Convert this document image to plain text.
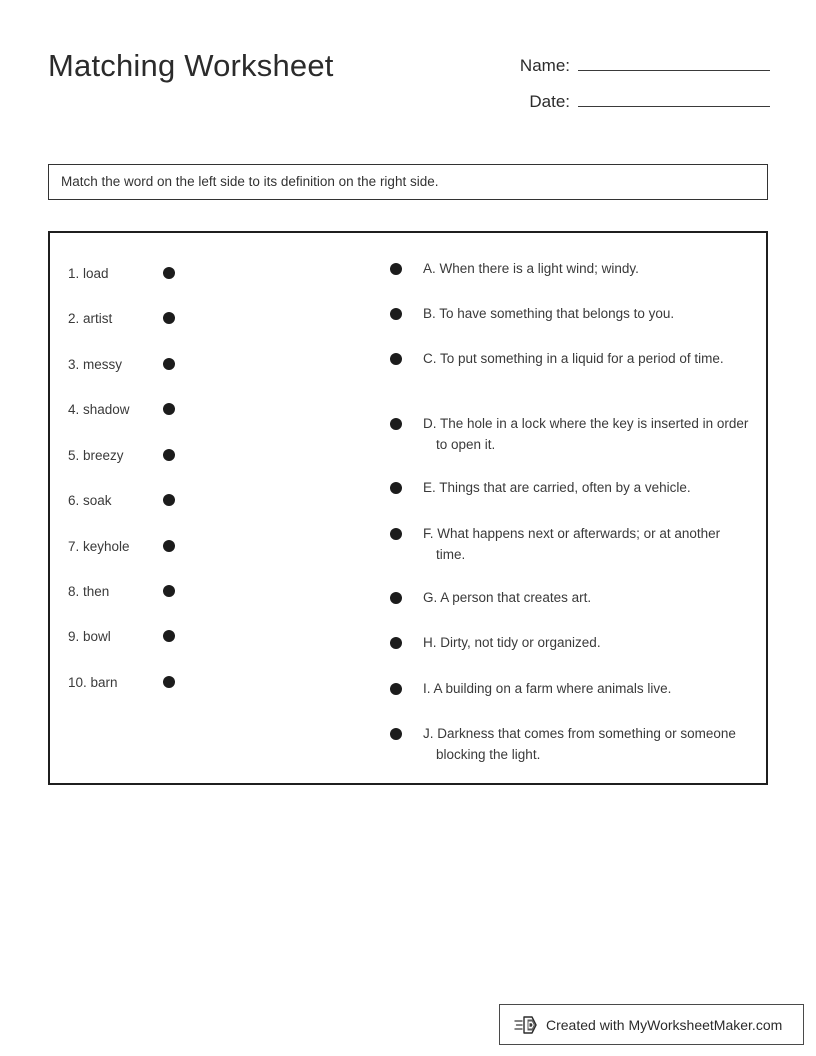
Matching Worksheet	Name:
Date:
Match the word on the left side to its definition on the right side.
1. load
2. artist
3. messy
4. shadow
5. breezy
6. soak
7. keyhole
8. then
9. bowl
10. barn
A. When there is a light wind; windy.
B. To have something that belongs to you.
C. To put something in a liquid for a period of time.
D. The hole in a lock where the key is inserted in order to open it.
E. Things that are carried, often by a vehicle.
F. What happens next or afterwards; or at another time.
G. A person that creates art.
H. Dirty, not tidy or organized.
I. A building on a farm where animals live.
J. Darkness that comes from something or someone blocking the light.
Created with MyWorksheetMaker.com
